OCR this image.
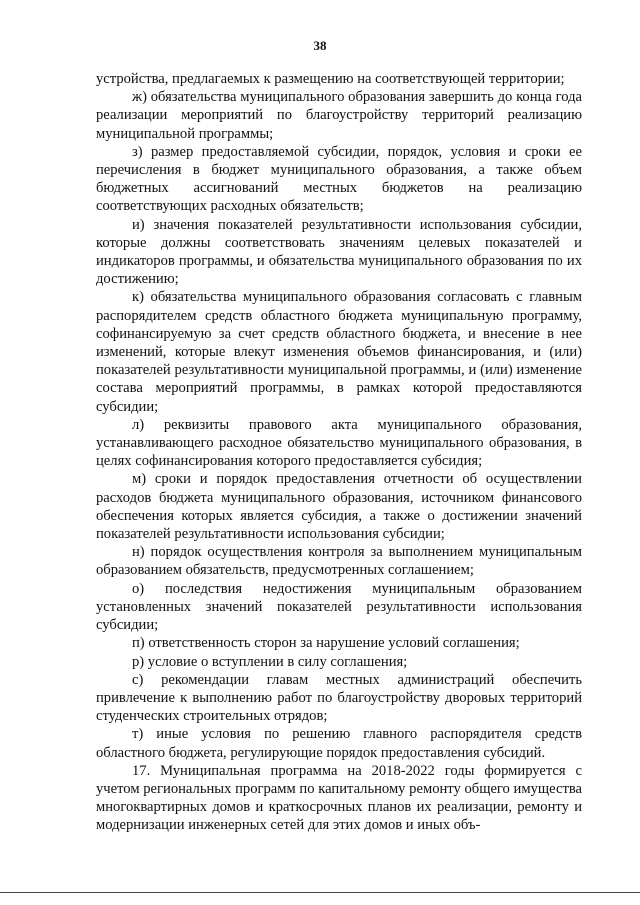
38

устройства, предлагаемых к размещению на соответствующей территории;

ж) обязательства муниципального образования завершить до конца года реализации мероприятий по благоустройству территорий реализацию муниципальной программы;

з) размер предоставляемой субсидии, порядок, условия и сроки ее перечисления в бюджет муниципального образования, а также объем бюджетных ассигнований местных бюджетов на реализацию соответствующих расходных обязательств;

и) значения показателей результативности использования субсидии, которые должны соответствовать значениям целевых показателей и индикаторов программы, и обязательства муниципального образования по их достижению;

к) обязательства муниципального образования согласовать с главным распорядителем средств областного бюджета муниципальную программу, софинансируемую за счет средств областного бюджета, и внесение в нее изменений, которые влекут изменения объемов финансирования, и (или) показателей результативности муниципальной программы, и (или) изменение состава мероприятий программы, в рамках которой предоставляются субсидии;

л) реквизиты правового акта муниципального образования, устанавливающего расходное обязательство муниципального образования, в целях софинансирования которого предоставляется субсидия;

м) сроки и порядок предоставления отчетности об осуществлении расходов бюджета муниципального образования, источником финансового обеспечения которых является субсидия, а также о достижении значений показателей результативности использования субсидии;

н) порядок осуществления контроля за выполнением муниципальным образованием обязательств, предусмотренных соглашением;

о) последствия недостижения муниципальным образованием установленных значений показателей результативности использования субсидии;

п) ответственность сторон за нарушение условий соглашения;

р) условие о вступлении в силу соглашения;

с) рекомендации главам местных администраций обеспечить привлечение к выполнению работ по благоустройству дворовых территорий студенческих строительных отрядов;

т) иные условия по решению главного распорядителя средств областного бюджета, регулирующие порядок предоставления субсидий.

17. Муниципальная программа на 2018-2022 годы формируется с учетом региональных программ по капитальному ремонту общего имущества многоквартирных домов и краткосрочных планов их реализации, ремонту и модернизации инженерных сетей для этих домов и иных объ-
